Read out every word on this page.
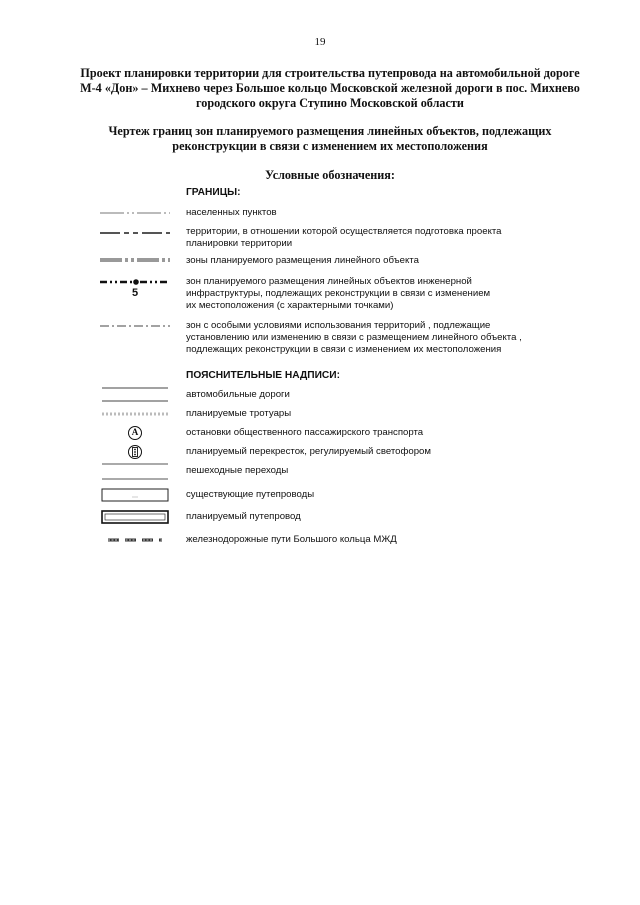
19
Проект планировки территории для строительства путепровода на автомобильной дороге
М-4 «Дон» – Михнево через Большое кольцо Московской железной дороги в пос. Михнево
городского округа Ступино Московской области
Чертеж границ зон планируемого размещения линейных объектов, подлежащих
реконструкции в связи с изменением их местоположения
Условные обозначения:
ГРАНИЦЫ:
населенных пунктов
территории, в отношении которой осуществляется подготовка проекта
планировки территории
зоны планируемого размещения линейного объекта
5
зон планируемого размещения линейных объектов инженерной
инфраструктуры, подлежащих реконструкции в связи с изменением
их местоположения (с характерными точками)
зон с особыми условиями использования территорий , подлежащие
установлению или изменению в связи с размещением линейного объекта ,
подлежащих реконструкции в связи с изменением их местоположения
ПОЯСНИТЕЛЬНЫЕ НАДПИСИ:
автомобильные дороги
планируемые тротуары
А	остановки общественного пассажирского транспорта
планируемый перекресток, регулируемый светофором
пешеходные переходы
существующие путепроводы
планируемый путепровод
железнодорожные пути Большого кольца МЖД
